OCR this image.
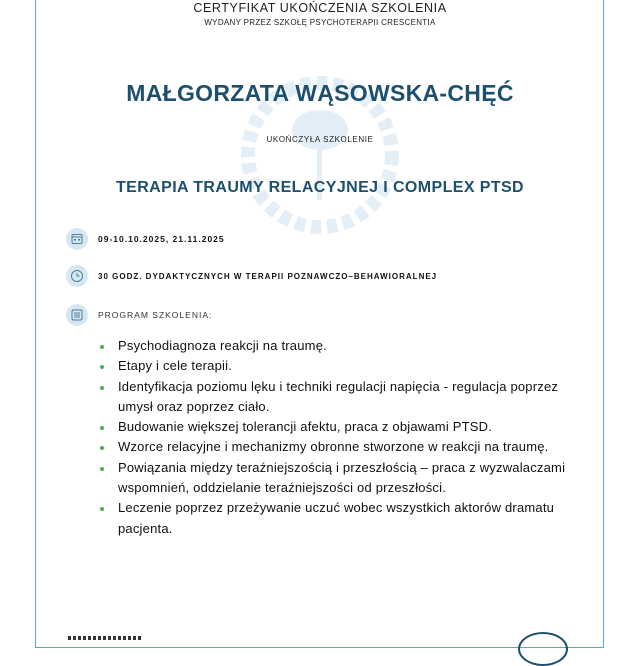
CERTYFIKAT UKOŃCZENIA SZKOLENIA
WYDANY PRZEZ SZKOŁĘ PSYCHOTERAPII CRESCENTIA
MAŁGORZATA WĄSOWSKA-CHĘĆ
UKOŃCZYŁA SZKOLENIE
TERAPIA TRAUMY RELACYJNEJ I COMPLEX PTSD
09-10.10.2025, 21.11.2025
30 GODZ. DYDAKTYCZNYCH W TERAPII POZNAWCZO–BEHAWIORALNEJ
PROGRAM SZKOLENIA:
Psychodiagnoza reakcji na traumę.
Etapy i cele terapii.
Identyfikacja poziomu lęku i techniki regulacji napięcia - regulacja poprzez umysł oraz poprzez ciało.
Budowanie większej tolerancji afektu, praca z objawami PTSD.
Wzorce relacyjne i mechanizmy obronne stworzone w reakcji na traumę.
Powiązania między teraźniejszością i przeszłością – praca z wyzwalaczami wspomnień, oddzielanie teraźniejszości od przeszłości.
Leczenie poprzez przeżywanie uczuć wobec wszystkich aktorów dramatu pacjenta.
